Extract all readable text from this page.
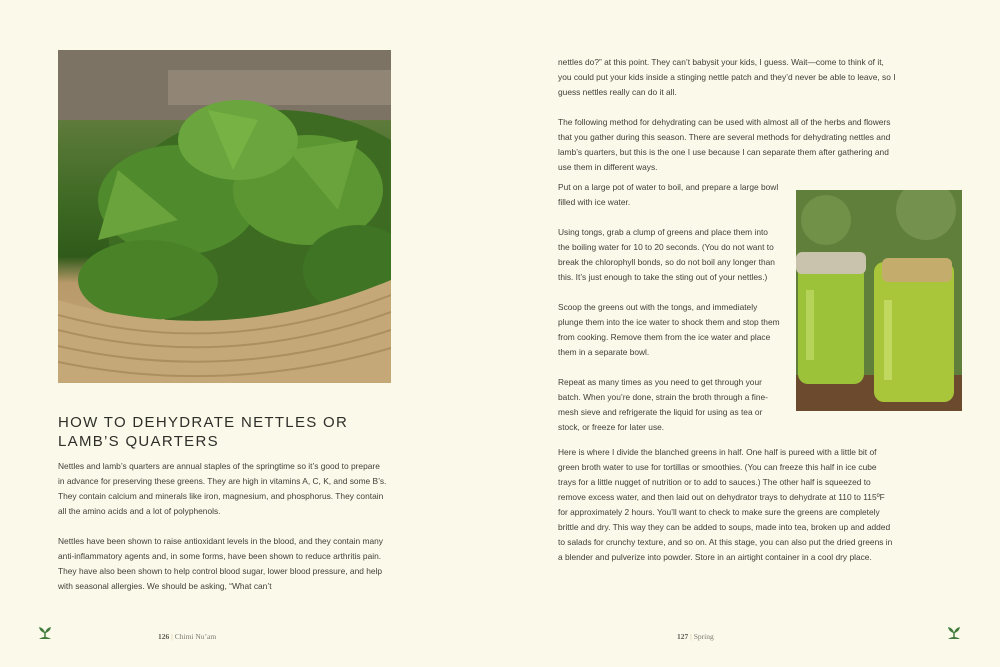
HOW TO DEHYDRATE NETTLES OR
LAMB’S QUARTERS

Nettles and lamb’s quarters are annual staples of the springtime so it’s good to prepare in advance for preserving these greens. They are high in vitamins A, C, K, and some B’s. They contain calcium and minerals like iron, magnesium, and phosphorus. They contain all the amino acids and a lot of polyphenols.

Nettles have been shown to raise antioxidant levels in the blood, and they contain many anti-inflammatory agents and, in some forms, have been shown to reduce arthritis pain. They have also been shown to help control blood sugar, lower blood pressure, and help with seasonal allergies. We should be asking, “What can’t

nettles do?” at this point. They can’t babysit your kids, I guess. Wait—come to think of it, you could put your kids inside a stinging nettle patch and they’d never be able to leave, so I guess nettles really can do it all.

The following method for dehydrating can be used with almost all of the herbs and flowers that you gather during this season. There are several methods for dehydrating nettles and lamb’s quarters, but this is the one I use because I can separate them after gathering and use them in different ways.

Put on a large pot of water to boil, and prepare a large bowl filled with ice water.

Using tongs, grab a clump of greens and place them into the boiling water for 10 to 20 seconds. (You do not want to break the chlorophyll bonds, so do not boil any longer than this. It’s just enough to take the sting out of your nettles.)

Scoop the greens out with the tongs, and immediately plunge them into the ice water to shock them and stop them from cooking. Remove them from the ice water and place them in a separate bowl.

Repeat as many times as you need to get through your batch. When you’re done, strain the broth through a fine-mesh sieve and refrigerate the liquid for using as tea or stock, or freeze for later use.

Here is where I divide the blanched greens in half. One half is pureed with a little bit of green broth water to use for tortillas or smoothies. (You can freeze this half in ice cube trays for a little nugget of nutrition or to add to sauces.) The other half is squeezed to remove excess water, and then laid out on dehydrator trays to dehydrate at 110 to 115ºF for approximately 2 hours. You’ll want to check to make sure the greens are completely brittle and dry. This way they can be added to soups, made into tea, broken up and added to salads for crunchy texture, and so on. At this stage, you can also put the dried greens in a blender and pulverize into powder. Store in an airtight container in a cool dry place.

126 | Chimi Nu’am	127 | Spring
